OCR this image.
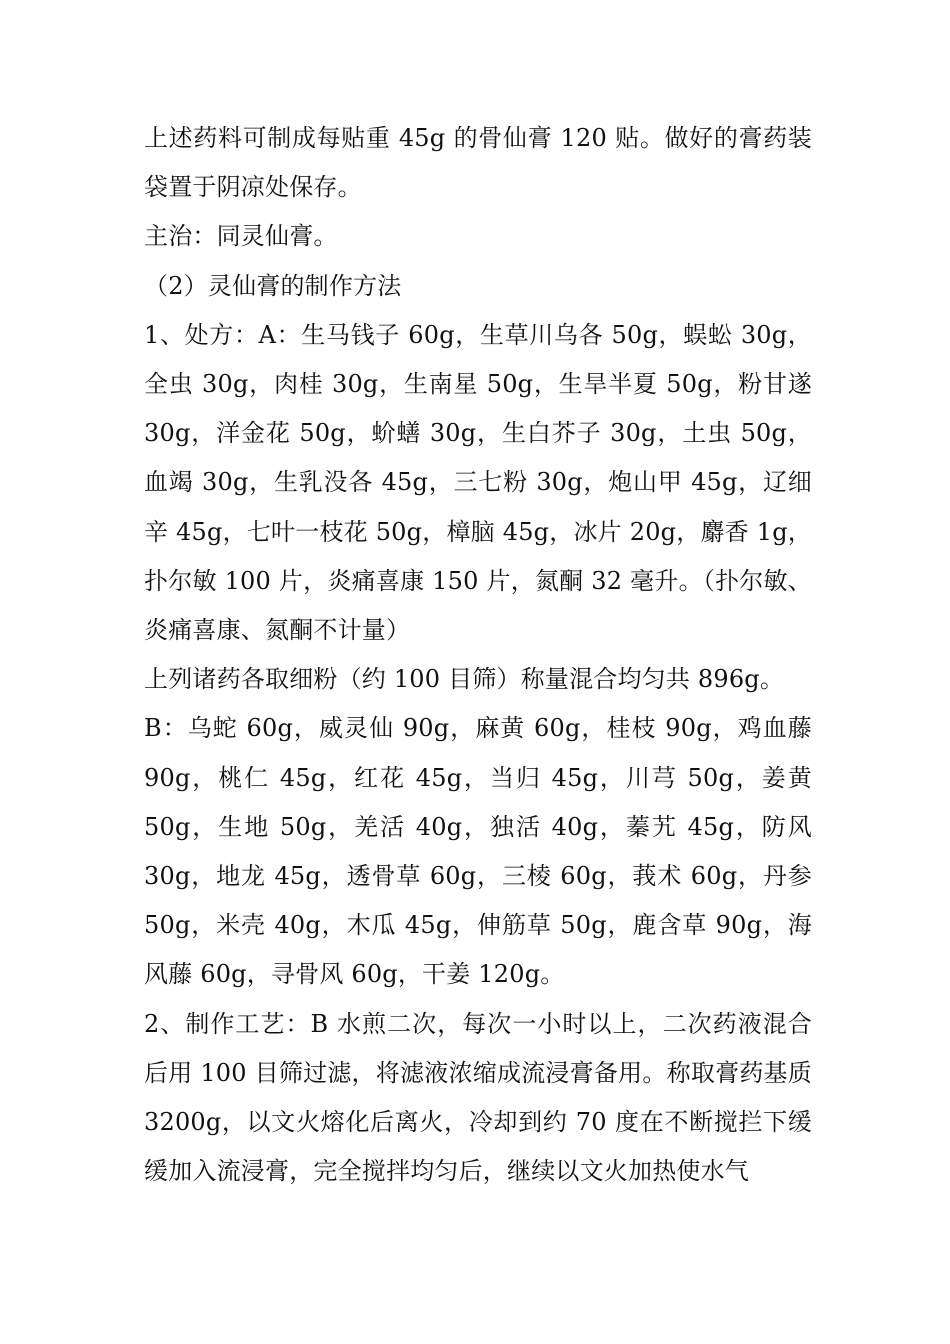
上述药料可制成每贴重 45g 的骨仙膏 120 贴。做好的膏药装袋置于阴凉处保存。

主治：同灵仙膏。

（2）灵仙膏的制作方法

1、处方：A：生马钱子 60g，生草川乌各 50g，蜈蚣 30g，全虫 30g，肉桂 30g，生南星 50g，生旱半夏 50g，粉甘遂 30g，洋金花 50g，蚧蟮 30g，生白芥子 30g，土虫 50g，血竭 30g，生乳没各 45g，三七粉 30g，炮山甲 45g，辽细辛 45g，七叶一枝花 50g，樟脑 45g，冰片 20g，麝香 1g，扑尔敏 100 片，炎痛喜康 150 片，氮酮 32 毫升。（扑尔敏、炎痛喜康、氮酮不计量）

上列诸药各取细粉（约 100 目筛）称量混合均匀共 896g。

B：乌蛇 60g，威灵仙 90g，麻黄 60g，桂枝 90g，鸡血藤 90g，桃仁 45g，红花 45g，当归 45g，川芎 50g，姜黄 50g，生地 50g，羌活 40g，独活 40g，蓁艽 45g，防风 30g，地龙 45g，透骨草 60g，三棱 60g，莪术 60g，丹参 50g，米壳 40g，木瓜 45g，伸筋草 50g，鹿含草 90g，海风藤 60g，寻骨风 60g，干姜 120g。

2、制作工艺：B 水煎二次，每次一小时以上，二次药液混合后用 100 目筛过滤，将滤液浓缩成流浸膏备用。称取膏药基质 3200g，以文火熔化后离火，冷却到约 70 度在不断搅拦下缓缓加入流浸膏，完全搅拌均匀后，继续以文火加热使水气
